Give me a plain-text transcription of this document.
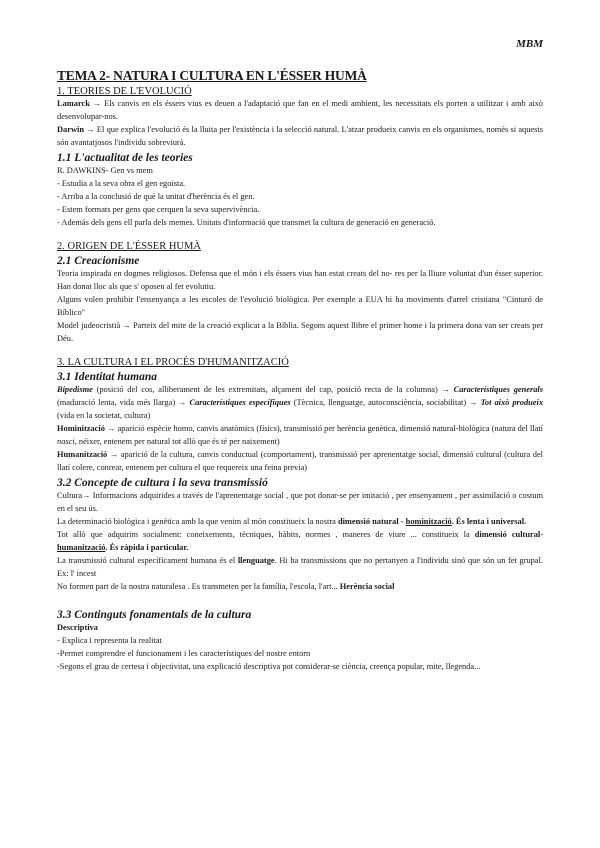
MBM
TEMA 2- NATURA I CULTURA EN L'ÉSSER HUMÀ
1. TEORIES DE L'EVOLUCIÓ

Lamarck → Els canvis en els éssers vius es deuen a l'adaptació que fan en el medi ambient, les necessitats els porten a utilitzar i amb això desenvolupar-nos.

Darwin → El que explica l'evolució és la lluita per l'existència i la selecció natural. L'atzar produeix canvis en els organismes, només si aquests són avantatjosos l'individu sobreviurà.

1.1 L'actualitat de les teories

R. DAWKINS- Gen vs mem

- Estudia a la seva obra el gen egoista.

- Arriba a la conclusió de què la unitat d'herència és el gen.

- Estem formats per gens que cerquen la seva supervivència.

- Además dels gens ell parla dels memes. Unitats d'informació que transmet la cultura de generació en generació.

2. ORIGEN DE L'ÉSSER HUMÀ
2.1 Creacionisme

Teoria inspirada en dogmes religiosos. Defensa que el món i els éssers vius han estat creats del no- res per la lliure voluntat d'un ésser superior. Han donat lloc als que s' oposen al fet evolutiu.

Alguns volen prohibir l'ensenyança a les escoles de l'evolució biològica. Per exemple a EUA hi ha moviments d'arrel cristiana "Cinturó de Bíblico"

Model judeocristià → Parteix del mite de la creació explicat a la Bíblia. Segons aquest llibre el primer home i la primera dona van ser creats per Déu.

3. LA CULTURA I EL PROCÉS D'HUMANITZACIÓ
3.1 Identitat humana

Bipedisme (posició del cos, alliberament de les extremitats, alçament del cap, posició recta de la columna) → Característiques generals (maduració lenta, vida més llarga) → Característiques específiques (Tècnica, llenguatge, autoconsciència, sociabilitat) → Tot això produeix (vida en la societat, cultura)

Hominització → aparició espècie homo, canvis anatòmics (físics), transmissió per herència genètica, dimensió natural-biològica (natura del llatí nasci, néixer, entenem per natural tot allò que és té per naixement)

Humanització → aparició de la cultura, canvis conductual (comportament), transmissió per aprenentatge social, dimensió cultural (cultura del llatí colere, conrear, entenem per cultura el que requereix una feina previa)

3.2 Concepte de cultura i la seva transmissió

Cultura→ Informacions adquirides a través de l'aprenentatge social , que pot donar-se per imitació , per ensenyament , per assimilació o costum en el seu ús.

La determinació biològica i genètica amb la que venim al món constitueix la nostra dimensió natural - hominització. És lenta i universal.

Tot allò que adquirim socialment: coneixements, tècniques, hàbits, normes , maneres de viure ... constitueix la dimensió cultural- humanització. És ràpida i particular.

La transmissió cultural específicament humana és el llenguatge. Hi ha transmissions que no pertanyen a l'individu sinó que són un fet grupal. Ex: l' incest

No formen part de la nostra naturalesa . Es transmeten per la família, l'escola, l'art... Herència social

3.3 Continguts fonamentals de la cultura
Descriptiva

- Explica i representa la realitat

-Permet comprendre el funcionament i les característiques del nostre entorn

-Segons el grau de certesa i objectivitat, una explicació descriptiva pot considerar-se ciència, creença popular, mite, llegenda...
